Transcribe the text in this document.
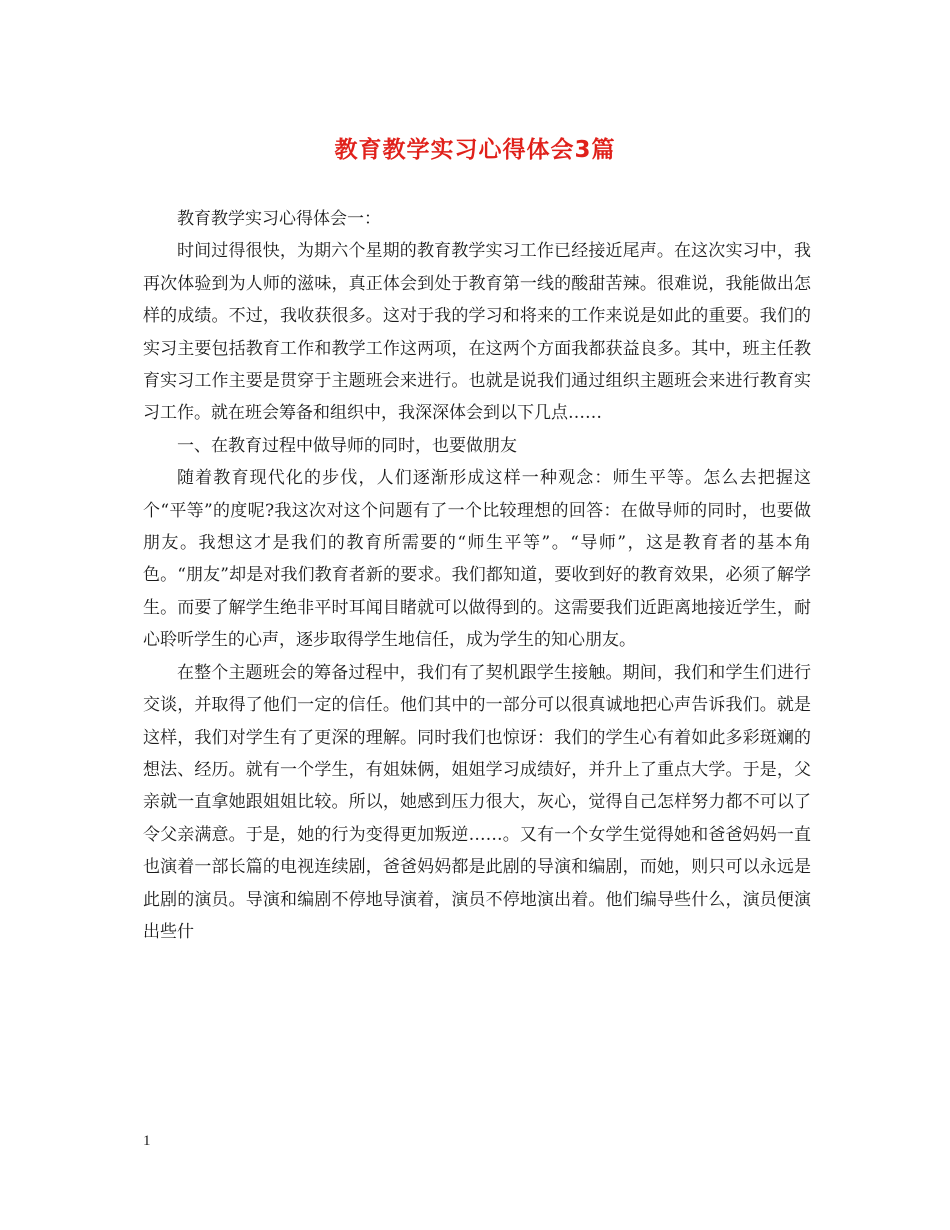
教育教学实习心得体会3篇

教育教学实习心得体会一：

时间过得很快，为期六个星期的教育教学实习工作已经接近尾声。在这次实习中，我再次体验到为人师的滋味，真正体会到处于教育第一线的酸甜苦辣。很难说，我能做出怎样的成绩。不过，我收获很多。这对于我的学习和将来的工作来说是如此的重要。我们的实习主要包括教育工作和教学工作这两项，在这两个方面我都获益良多。其中，班主任教育实习工作主要是贯穿于主题班会来进行。也就是说我们通过组织主题班会来进行教育实习工作。就在班会筹备和组织中，我深深体会到以下几点……

一、在教育过程中做导师的同时，也要做朋友

随着教育现代化的步伐，人们逐渐形成这样一种观念：师生平等。怎么去把握这个“平等”的度呢?我这次对这个问题有了一个比较理想的回答：在做导师的同时，也要做朋友。我想这才是我们的教育所需要的“师生平等”。“导师”，这是教育者的基本角色。“朋友”却是对我们教育者新的要求。我们都知道，要收到好的教育效果，必须了解学生。而要了解学生绝非平时耳闻目睹就可以做得到的。这需要我们近距离地接近学生，耐心聆听学生的心声，逐步取得学生地信任，成为学生的知心朋友。

在整个主题班会的筹备过程中，我们有了契机跟学生接触。期间，我们和学生们进行交谈，并取得了他们一定的信任。他们其中的一部分可以很真诚地把心声告诉我们。就是这样，我们对学生有了更深的理解。同时我们也惊讶：我们的学生心有着如此多彩斑斓的想法、经历。就有一个学生，有姐妹俩，姐姐学习成绩好，并升上了重点大学。于是，父亲就一直拿她跟姐姐比较。所以，她感到压力很大，灰心，觉得自己怎样努力都不可以了令父亲满意。于是，她的行为变得更加叛逆……。又有一个女学生觉得她和爸爸妈妈一直也演着一部长篇的电视连续剧，爸爸妈妈都是此剧的导演和编剧，而她，则只可以永远是此剧的演员。导演和编剧不停地导演着，演员不停地演出着。他们编导些什么，演员便演出些什

1
